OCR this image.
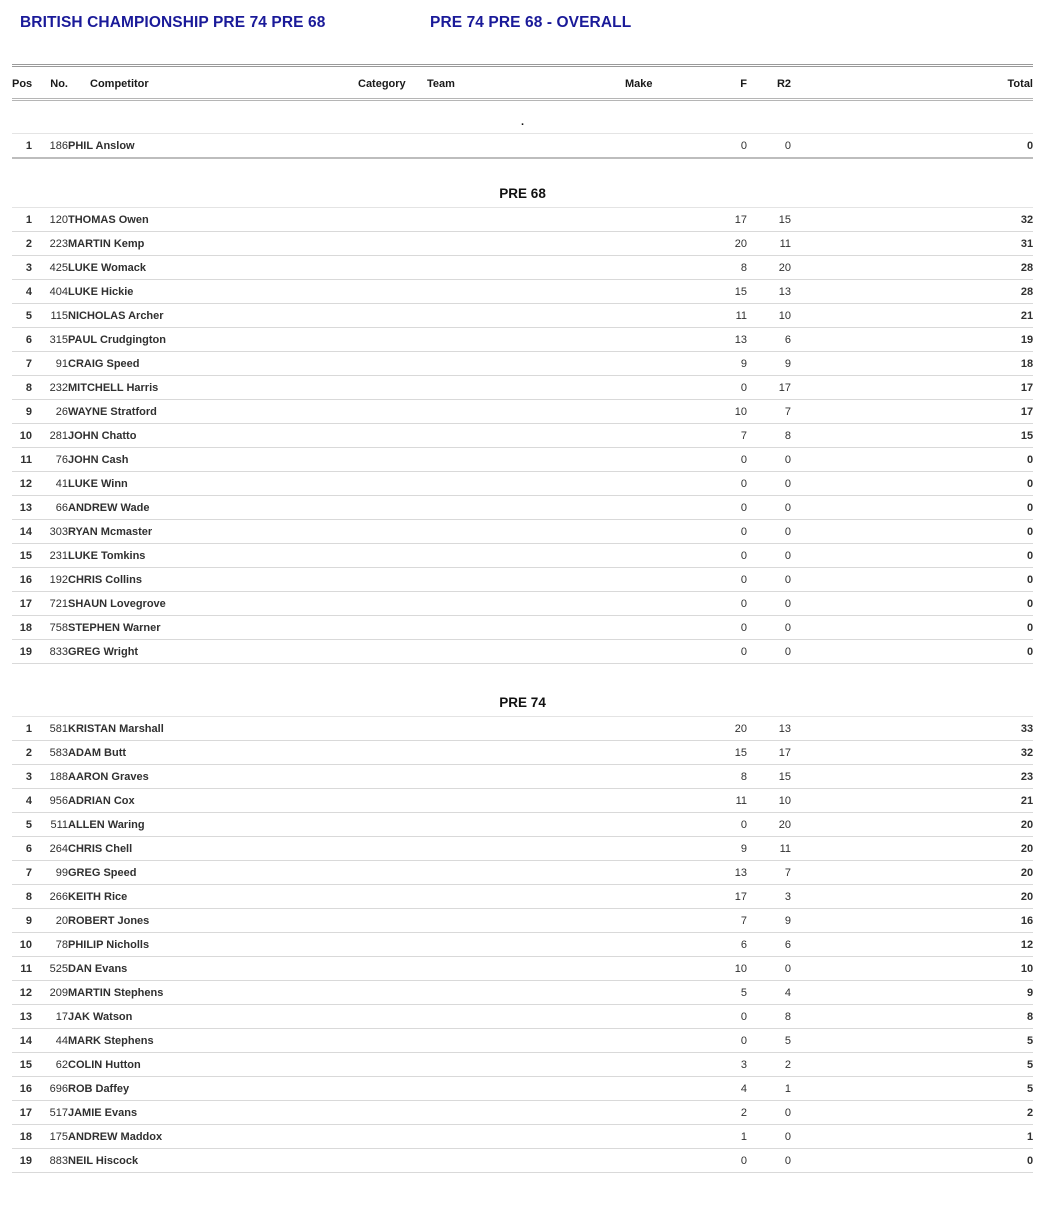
BRITISH CHAMPIONSHIP PRE 74 PRE 68	PRE 74 PRE 68 - OVERALL
Pos	No.	Competitor	Category	Team	Make	F	R2	Total
.
1	186	PHIL Anslow				0	0	0
PRE 68								
1	120	THOMAS Owen				17	15	32
2	223	MARTIN Kemp				20	11	31
3	425	LUKE Womack				8	20	28
4	404	LUKE Hickie				15	13	28
5	115	NICHOLAS Archer				11	10	21
6	315	PAUL Crudgington				13	6	19
7	91	CRAIG Speed				9	9	18
8	232	MITCHELL Harris				0	17	17
9	26	WAYNE Stratford				10	7	17
10	281	JOHN Chatto				7	8	15
11	76	JOHN Cash				0	0	0
12	41	LUKE Winn				0	0	0
13	66	ANDREW Wade				0	0	0
14	303	RYAN Mcmaster				0	0	0
15	231	LUKE Tomkins				0	0	0
16	192	CHRIS Collins				0	0	0
17	721	SHAUN Lovegrove				0	0	0
18	758	STEPHEN Warner				0	0	0
19	833	GREG Wright				0	0	0
PRE 74								
1	581	KRISTAN Marshall				20	13	33
2	583	ADAM Butt				15	17	32
3	188	AARON Graves				8	15	23
4	956	ADRIAN Cox				11	10	21
5	511	ALLEN Waring				0	20	20
6	264	CHRIS Chell				9	11	20
7	99	GREG Speed				13	7	20
8	266	KEITH Rice				17	3	20
9	20	ROBERT Jones				7	9	16
10	78	PHILIP Nicholls				6	6	12
11	525	DAN Evans				10	0	10
12	209	MARTIN Stephens				5	4	9
13	17	JAK Watson				0	8	8
14	44	MARK Stephens				0	5	5
15	62	COLIN Hutton				3	2	5
16	696	ROB Daffey				4	1	5
17	517	JAMIE Evans				2	0	2
18	175	ANDREW Maddox				1	0	1
19	883	NEIL Hiscock				0	0	0
